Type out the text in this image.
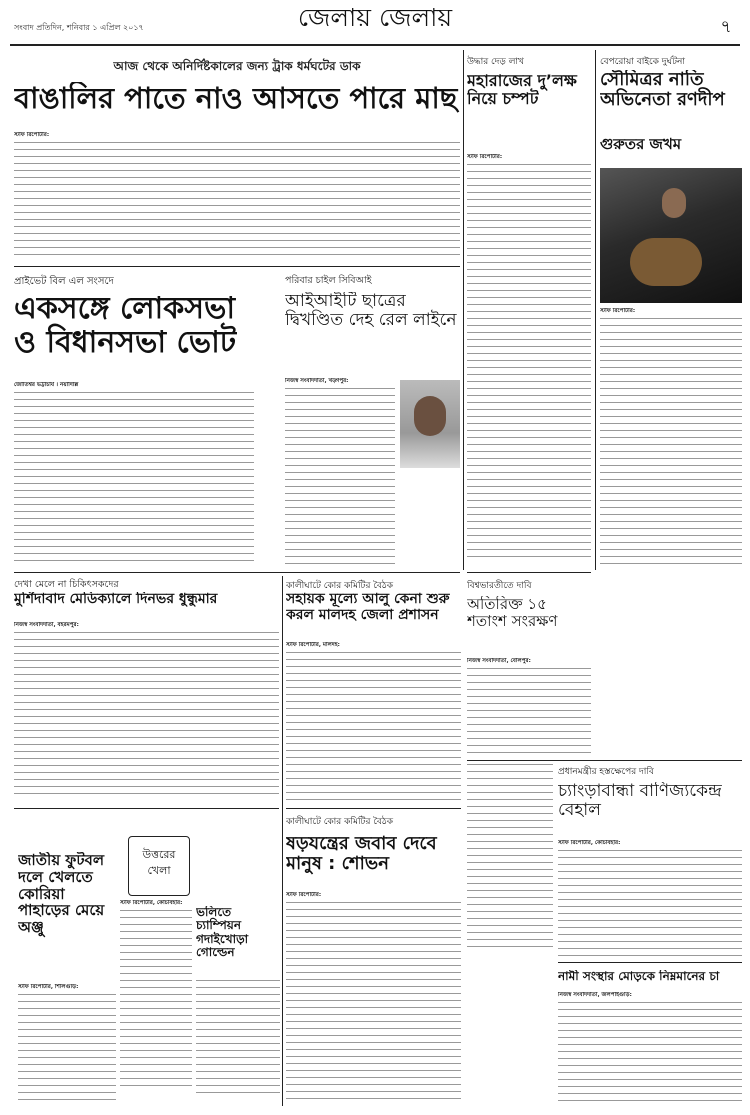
সংবাদ প্রতিদিন, শনিবার ১ এপ্রিল ২০১৭	জেলায় জেলায়	৭
আজ থেকে অনির্দিষ্টকালের জন্য ট্রাক ধর্মঘটের ডাক
বাঙালির পাতে নাও আসতে পারে মাছ
স্টাফ রিপোর্টার:
উদ্ধার দেড় লাখ
মহারাজের দু’লক্ষ নিয়ে চম্পট
স্টাফ রিপোর্টার:
বেপরোয়া বাইকে দুর্ঘটনা
সৌমিত্রর নাতি অভিনেতা রণদীপ
গুরুতর জখম
স্টাফ রিপোর্টার:
প্রাইভেট বিল এল সংসদে
একসঙ্গে লোকসভা ও বিধানসভা ভোট
জোতিশ্বর ভট্টাচার্য । নয়াদিল্লি
পরিবার চাইল সিবিআই
আইআইটি ছাত্রের দ্বিখণ্ডিত দেহ রেল লাইনে
নিজস্ব সংবাদদাতা, খড়্গপুর:
বিশ্বভারতীতে দাবি
অতিরিক্ত ১৫ শতাংশ সংরক্ষণ
নিজস্ব সংবাদদাতা, বোলপুর:
দেখা মেলে না চিকিৎসকদের
মুর্শিদাবাদ মেডিক্যালে দিনভর ধুন্ধুমার
নিজস্ব সংবাদদাতা, বহরমপুর:
কালীঘাটে কোর কমিটির বৈঠক
সহায়ক মূল্যে আলু কেনা শুরু করল মালদহ জেলা প্রশাসন
স্টাফ রিপোর্টার, মালদহ:
প্রধানমন্ত্রীর হস্তক্ষেপের দাবি
চ্যাংড়াবান্ধা বাণিজ্যকেন্দ্র বেহাল
স্টাফ রিপোর্টার, কোচবিহার:
জাতীয় ফুটবল দলে খেলতে কোরিয়া পাহাড়ের মেয়ে অঞ্জু
স্টাফ রিপোর্টার, শিলিগুড়ি:
উত্তরের খেলা
ভলিতে চ্যাম্পিয়ন গদাইখোড়া গোল্ডেন
স্টাফ রিপোর্টার, কোচবিহার:
কালীঘাটে কোর কমিটির বৈঠক
ষড়যন্ত্রের জবাব দেবে মানুষ : শোভন
স্টাফ রিপোর্টার:
নামী সংস্থার মোড়কে নিম্নমানের চা
নিজস্ব সংবাদদাতা, জলপাইগুড়ি:
